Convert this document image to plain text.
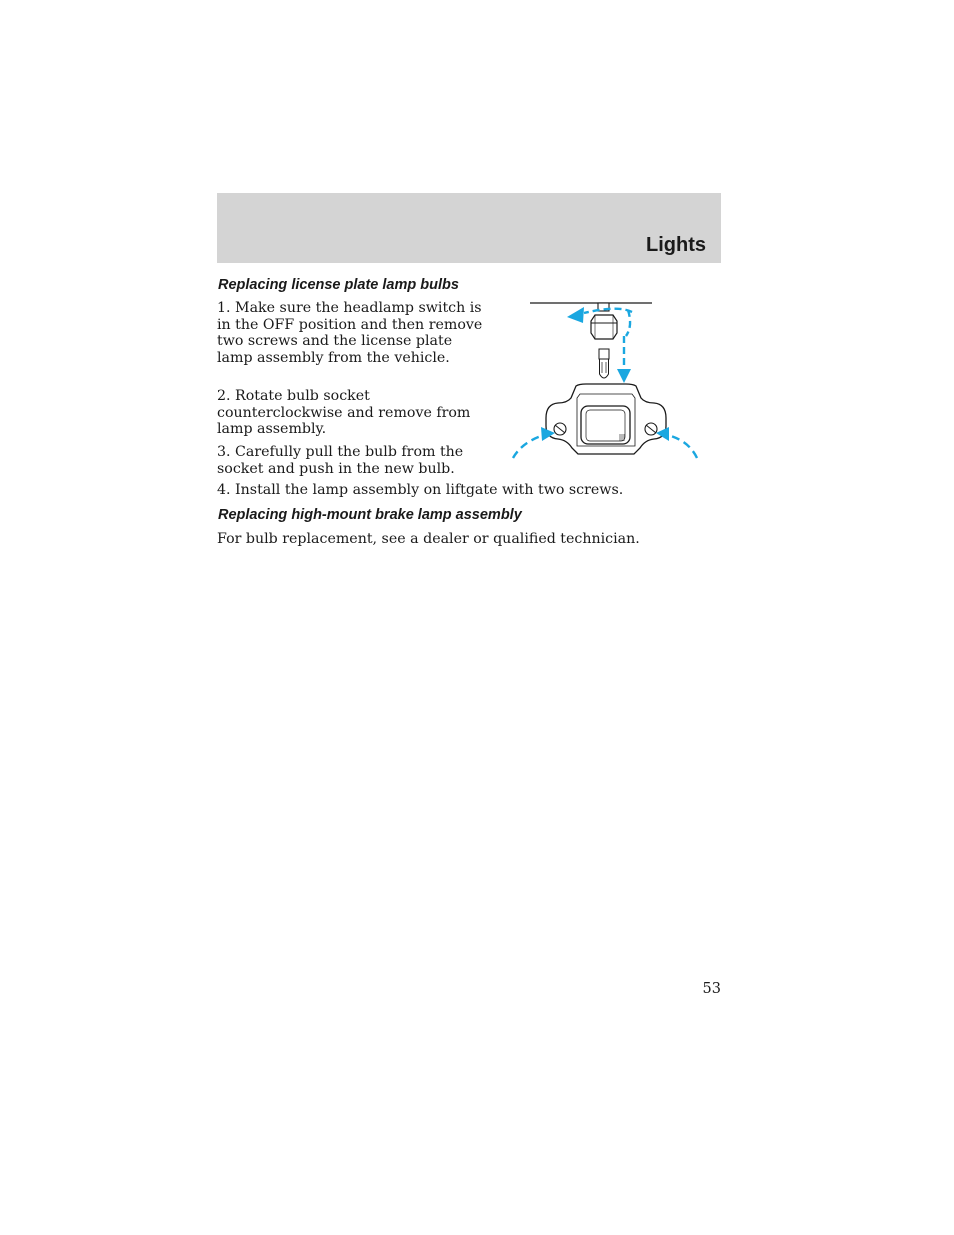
Lights
Replacing license plate lamp bulbs
1. Make sure the headlamp switch is in the OFF position and then remove two screws and the license plate lamp assembly from the vehicle.
2. Rotate bulb socket counterclockwise and remove from lamp assembly.
3. Carefully pull the bulb from the socket and push in the new bulb.
4. Install the lamp assembly on liftgate with two screws.
Replacing high-mount brake lamp assembly
For bulb replacement, see a dealer or qualified technician.
53
